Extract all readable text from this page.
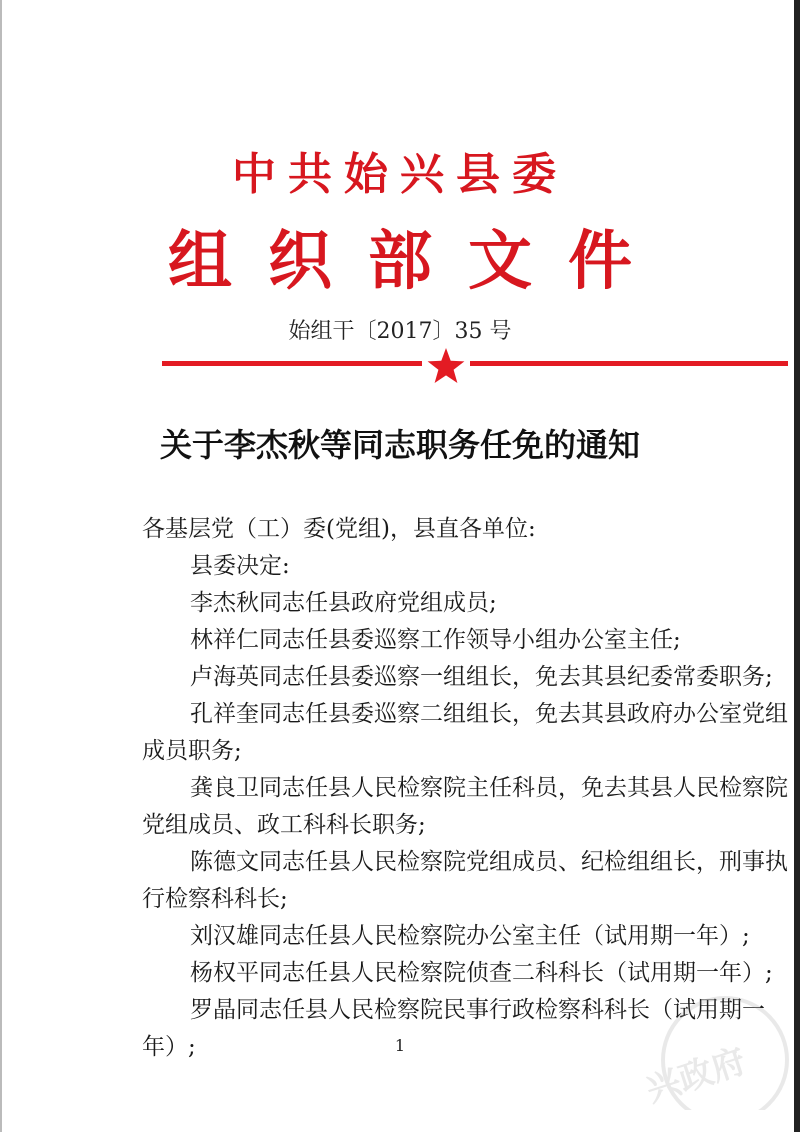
中共始兴县委
组织部文件
始组干〔2017〕35 号
关于李杰秋等同志职务任免的通知
各基层党（工）委(党组)，县直各单位:
县委决定:
李杰秋同志任县政府党组成员;
林祥仁同志任县委巡察工作领导小组办公室主任;
卢海英同志任县委巡察一组组长，免去其县纪委常委职务;
孔祥奎同志任县委巡察二组组长，免去其县政府办公室党组
成员职务;
龚良卫同志任县人民检察院主任科员，免去其县人民检察院
党组成员、政工科科长职务;
陈德文同志任县人民检察院党组成员、纪检组组长，刑事执
行检察科科长;
刘汉雄同志任县人民检察院办公室主任（试用期一年）;
杨权平同志任县人民检察院侦查二科科长（试用期一年）;
罗晶同志任县人民检察院民事行政检察科科长（试用期一
年）;	1	兴政府
